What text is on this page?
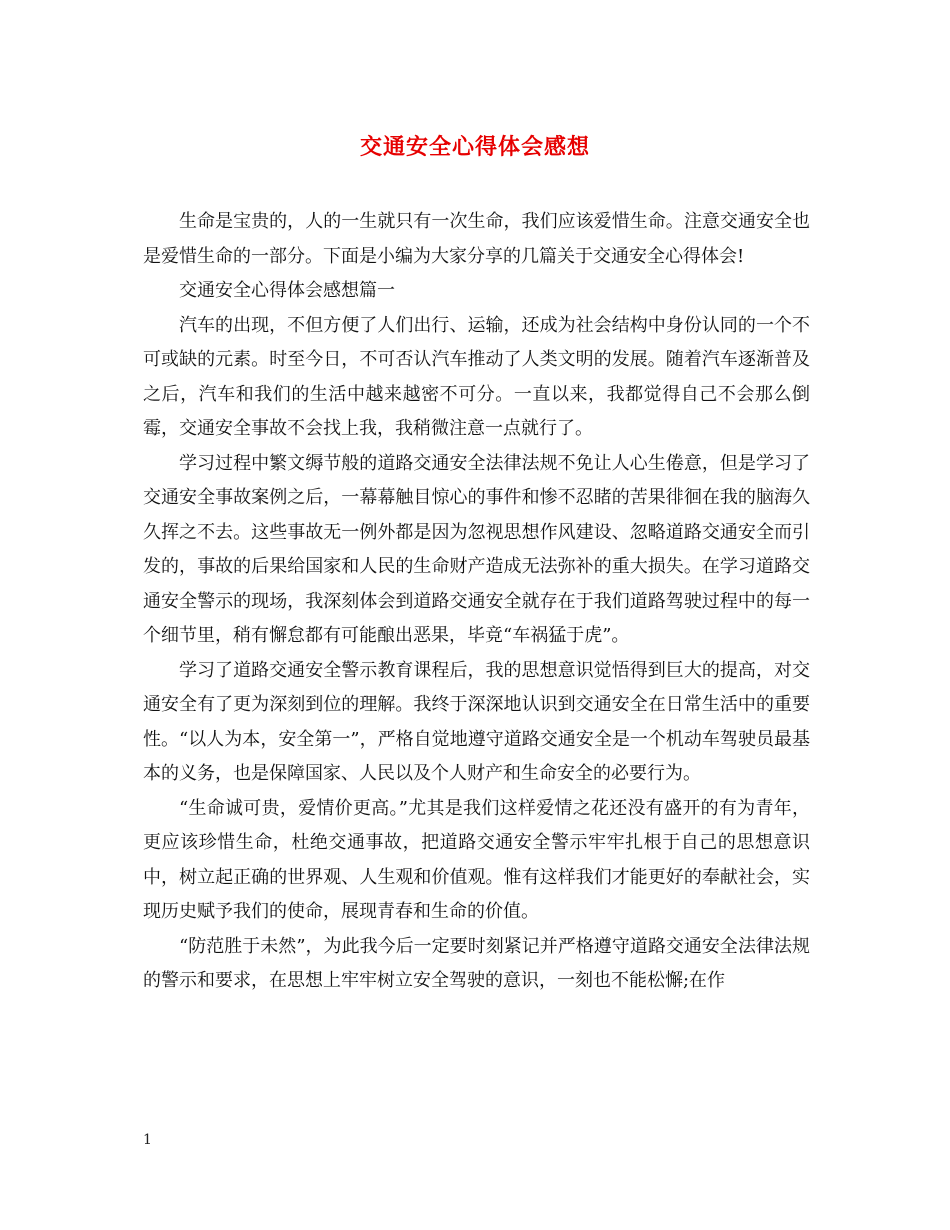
交通安全心得体会感想

生命是宝贵的，人的一生就只有一次生命，我们应该爱惜生命。注意交通安全也是爱惜生命的一部分。下面是小编为大家分享的几篇关于交通安全心得体会!

交通安全心得体会感想篇一

汽车的出现，不但方便了人们出行、运输，还成为社会结构中身份认同的一个不可或缺的元素。时至今日，不可否认汽车推动了人类文明的发展。随着汽车逐渐普及之后，汽车和我们的生活中越来越密不可分。一直以来，我都觉得自己不会那么倒霉，交通安全事故不会找上我，我稍微注意一点就行了。

学习过程中繁文缛节般的道路交通安全法律法规不免让人心生倦意，但是学习了交通安全事故案例之后，一幕幕触目惊心的事件和惨不忍睹的苦果徘徊在我的脑海久久挥之不去。这些事故无一例外都是因为忽视思想作风建设、忽略道路交通安全而引发的，事故的后果给国家和人民的生命财产造成无法弥补的重大损失。在学习道路交通安全警示的现场，我深刻体会到道路交通安全就存在于我们道路驾驶过程中的每一个细节里，稍有懈怠都有可能酿出恶果，毕竟“车祸猛于虎”。

学习了道路交通安全警示教育课程后，我的思想意识觉悟得到巨大的提高，对交通安全有了更为深刻到位的理解。我终于深深地认识到交通安全在日常生活中的重要性。“以人为本，安全第一”，严格自觉地遵守道路交通安全是一个机动车驾驶员最基本的义务，也是保障国家、人民以及个人财产和生命安全的必要行为。

“生命诚可贵，爱情价更高。”尤其是我们这样爱情之花还没有盛开的有为青年，更应该珍惜生命，杜绝交通事故，把道路交通安全警示牢牢扎根于自己的思想意识中，树立起正确的世界观、人生观和价值观。惟有这样我们才能更好的奉献社会，实现历史赋予我们的使命，展现青春和生命的价值。

“防范胜于未然”，为此我今后一定要时刻紧记并严格遵守道路交通安全法律法规的警示和要求，在思想上牢牢树立安全驾驶的意识，一刻也不能松懈;在作

1
